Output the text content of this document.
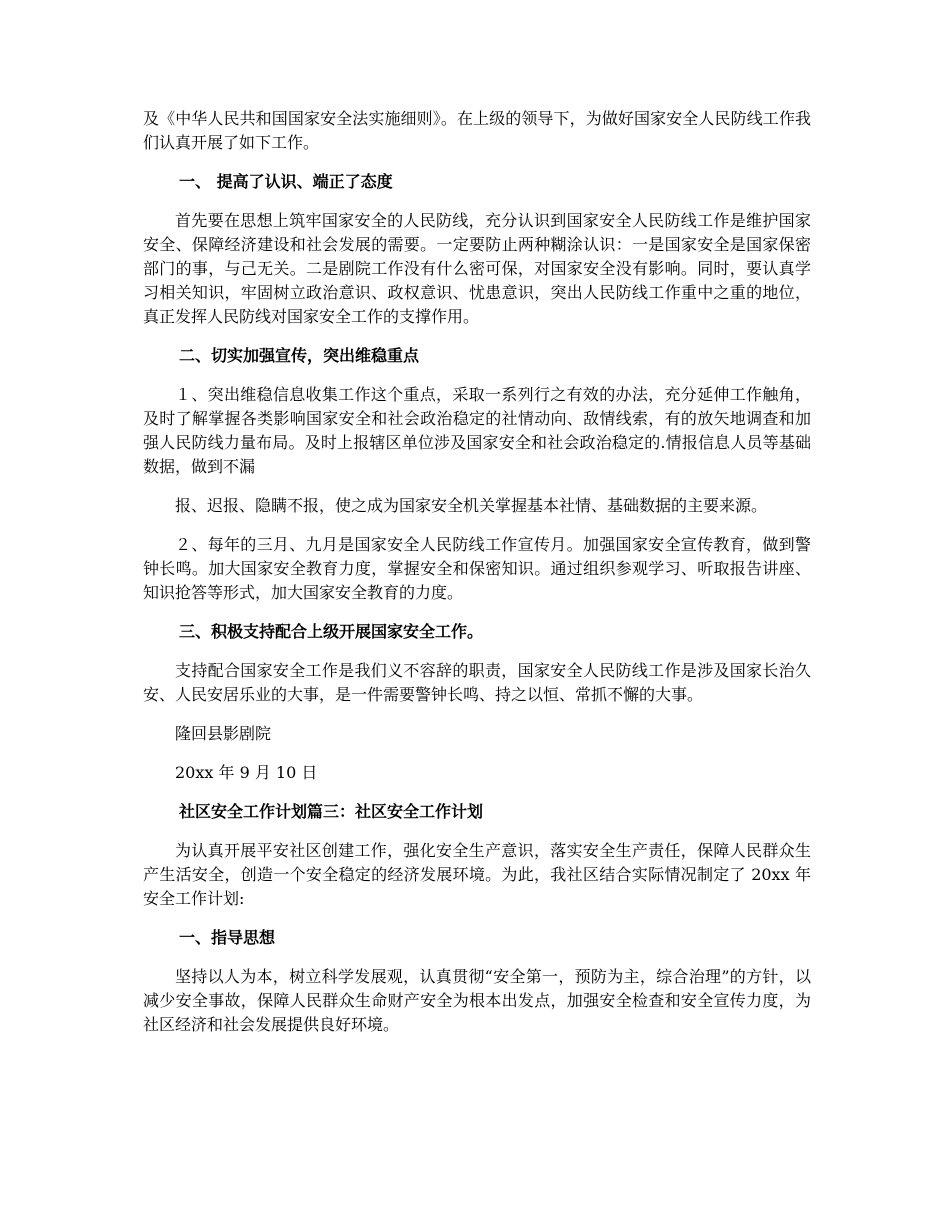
及《中华人民共和国国家安全法实施细则》。在上级的领导下，为做好国家安全人民防线工作我们认真开展了如下工作。

一、 提高了认识、端正了态度

首先要在思想上筑牢国家安全的人民防线，充分认识到国家安全人民防线工作是维护国家安全、保障经济建设和社会发展的需要。一定要防止两种糊涂认识：一是国家安全是国家保密部门的事，与己无关。二是剧院工作没有什么密可保，对国家安全没有影响。同时，要认真学习相关知识，牢固树立政治意识、政权意识、忧患意识，突出人民防线工作重中之重的地位，真正发挥人民防线对国家安全工作的支撑作用。

二、切实加强宣传，突出维稳重点

１、突出维稳信息收集工作这个重点，采取一系列行之有效的办法，充分延伸工作触角，及时了解掌握各类影响国家安全和社会政治稳定的社情动向、敌情线索，有的放矢地调查和加强人民防线力量布局。及时上报辖区单位涉及国家安全和社会政治稳定的.情报信息人员等基础数据，做到不漏

报、迟报、隐瞒不报，使之成为国家安全机关掌握基本社情、基础数据的主要来源。

２、每年的三月、九月是国家安全人民防线工作宣传月。加强国家安全宣传教育，做到警钟长鸣。加大国家安全教育力度，掌握安全和保密知识。通过组织参观学习、听取报告讲座、知识抢答等形式，加大国家安全教育的力度。

三、积极支持配合上级开展国家安全工作。

支持配合国家安全工作是我们义不容辞的职责，国家安全人民防线工作是涉及国家长治久安、人民安居乐业的大事，是一件需要警钟长鸣、持之以恒、常抓不懈的大事。

隆回县影剧院

20xx 年 9 月 10 日

社区安全工作计划篇三：社区安全工作计划

为认真开展平安社区创建工作，强化安全生产意识，落实安全生产责任，保障人民群众生产生活安全，创造一个安全稳定的经济发展环境。为此，我社区结合实际情况制定了 20xx 年安全工作计划:

一、指导思想

坚持以人为本，树立科学发展观，认真贯彻“安全第一，预防为主，综合治理”的方针，以减少安全事故，保障人民群众生命财产安全为根本出发点，加强安全检查和安全宣传力度，为社区经济和社会发展提供良好环境。
